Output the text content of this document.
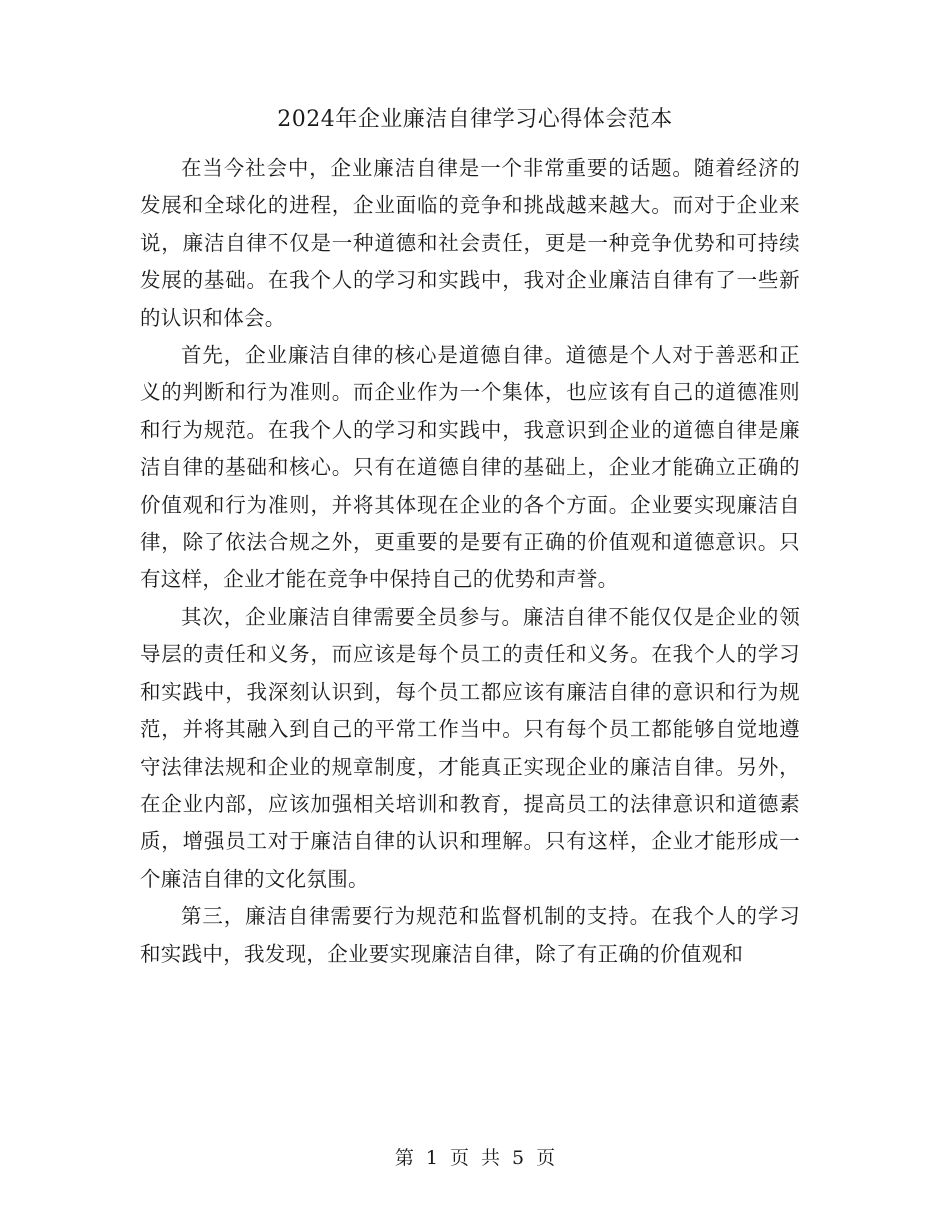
2024年企业廉洁自律学习心得体会范本

在当今社会中，企业廉洁自律是一个非常重要的话题。随着经济的发展和全球化的进程，企业面临的竞争和挑战越来越大。而对于企业来说，廉洁自律不仅是一种道德和社会责任，更是一种竞争优势和可持续发展的基础。在我个人的学习和实践中，我对企业廉洁自律有了一些新的认识和体会。

首先，企业廉洁自律的核心是道德自律。道德是个人对于善恶和正义的判断和行为准则。而企业作为一个集体，也应该有自己的道德准则和行为规范。在我个人的学习和实践中，我意识到企业的道德自律是廉洁自律的基础和核心。只有在道德自律的基础上，企业才能确立正确的价值观和行为准则，并将其体现在企业的各个方面。企业要实现廉洁自律，除了依法合规之外，更重要的是要有正确的价值观和道德意识。只有这样，企业才能在竞争中保持自己的优势和声誉。

其次，企业廉洁自律需要全员参与。廉洁自律不能仅仅是企业的领导层的责任和义务，而应该是每个员工的责任和义务。在我个人的学习和实践中，我深刻认识到，每个员工都应该有廉洁自律的意识和行为规范，并将其融入到自己的平常工作当中。只有每个员工都能够自觉地遵守法律法规和企业的规章制度，才能真正实现企业的廉洁自律。另外，在企业内部，应该加强相关培训和教育，提高员工的法律意识和道德素质，增强员工对于廉洁自律的认识和理解。只有这样，企业才能形成一个廉洁自律的文化氛围。

第三，廉洁自律需要行为规范和监督机制的支持。在我个人的学习和实践中，我发现，企业要实现廉洁自律，除了有正确的价值观和

第 1 页 共 5 页
